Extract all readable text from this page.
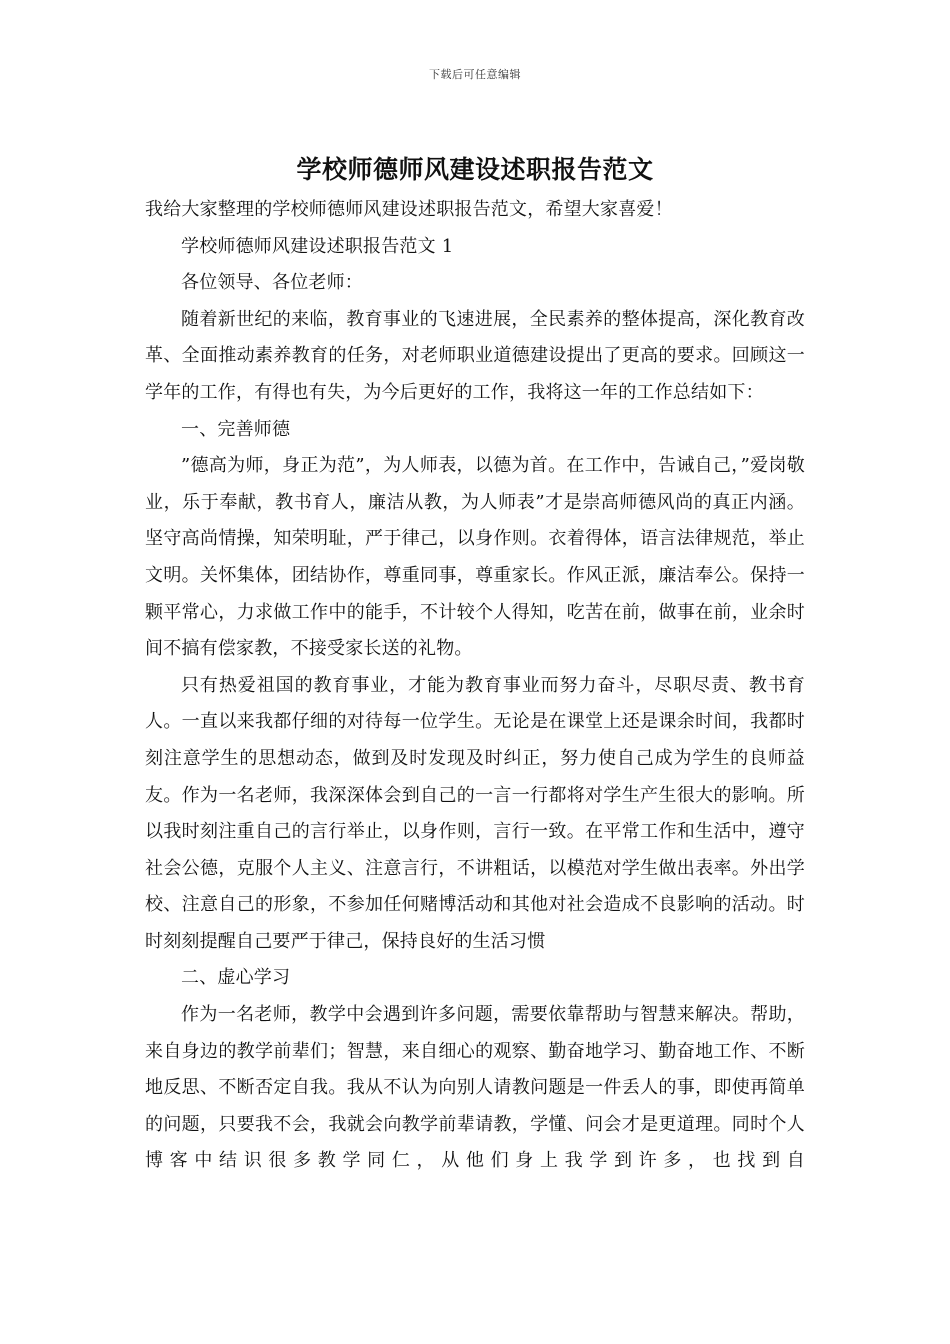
下载后可任意编辑
学校师德师风建设述职报告范文

我给大家整理的学校师德师风建设述职报告范文，希望大家喜爱！

学校师德师风建设述职报告范文 1

各位领导、各位老师：

随着新世纪的来临，教育事业的飞速进展，全民素养的整体提高，深化教育改革、全面推动素养教育的任务，对老师职业道德建设提出了更高的要求。回顾这一学年的工作，有得也有失，为今后更好的工作，我将这一年的工作总结如下：

一、完善师德

”德高为师，身正为范”，为人师表，以德为首。在工作中，告诫自己，”爱岗敬业，乐于奉献，教书育人，廉洁从教，为人师表”才是崇高师德风尚的真正内涵。坚守高尚情操，知荣明耻，严于律己，以身作则。衣着得体，语言法律规范，举止文明。关怀集体，团结协作，尊重同事，尊重家长。作风正派，廉洁奉公。保持一颗平常心，力求做工作中的能手，不计较个人得知，吃苦在前，做事在前，业余时间不搞有偿家教，不接受家长送的礼物。

只有热爱祖国的教育事业，才能为教育事业而努力奋斗，尽职尽责、教书育人。一直以来我都仔细的对待每一位学生。无论是在课堂上还是课余时间，我都时刻注意学生的思想动态，做到及时发现及时纠正，努力使自己成为学生的良师益友。作为一名老师，我深深体会到自己的一言一行都将对学生产生很大的影响。所以我时刻注重自己的言行举止，以身作则，言行一致。在平常工作和生活中，遵守社会公德，克服个人主义、注意言行，不讲粗话，以模范对学生做出表率。外出学校、注意自己的形象，不参加任何赌博活动和其他对社会造成不良影响的活动。时时刻刻提醒自己要严于律己，保持良好的生活习惯

二、虚心学习

作为一名老师，教学中会遇到许多问题，需要依靠帮助与智慧来解决。帮助，来自身边的教学前辈们；智慧，来自细心的观察、勤奋地学习、勤奋地工作、不断地反思、不断否定自我。我从不认为向别人请教问题是一件丢人的事，即使再简单的问题，只要我不会，我就会向教学前辈请教，学懂、问会才是更道理。同时个人博客中结识很多教学同仁，从他们身上我学到许多，也找到自
